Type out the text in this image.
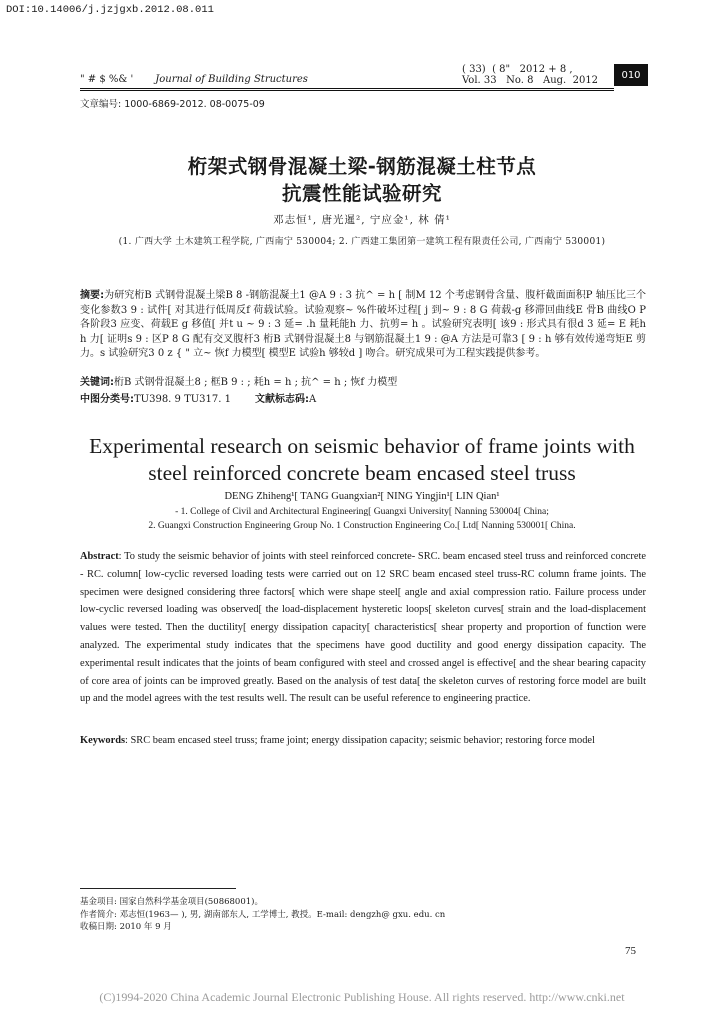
DOI:10.14006/j.jzjgxb.2012.08.011
" # $ %& ' Journal of Building Structures
( 33)  ( 8"   2012 + 8 ,
Vol. 33   No. 8   Aug.  2012	010
文章编号: 1000-6869-2012. 08-0075-09
桁架式钢骨混凝土梁-钢筋混凝土柱节点
抗震性能试验研究
邓志恒¹, 唐光暹², 宁应金¹, 林 倩¹
(1. 广西大学 土木建筑工程学院, 广西南宁 530004; 2. 广西建工集团第一建筑工程有限责任公司, 广西南宁 530001)
摘要:为研究桁B 式钢骨混凝土梁B 8 -钢筋混凝土1 @A 9 : 3 抗^ = h [ 制M 12 个考虑钢骨含量、腹杆截面面积P 轴压比三个变化参数3 9 : 试件[ 对其进行低周反f 荷载试验。试验观察~ %件破坏过程[ j 到~ 9 : 8 G 荷载-g 移滞回曲线E 骨B 曲线O P 各阶段3 应变、荷载E g 移值[ 并t u ~ 9 : 3 延= .h 量耗能h 力、抗剪= h 。试验研究表明[ 该9 : 形式具有很d 3 延= E 耗h h 力[ 证明s 9 : 区P 8 G 配有交叉腹杆3 桁B 式钢骨混凝土8 与钢筋混凝土1 9 : @A 方法是可靠3 [ 9 : h 够有效传递弯矩E 剪力。s 试验研究3 0 z { " 立~ 恢f 力模型[ 模型E 试验h 够较d ] 吻合。研究成果可为工程实践提供参考。
关键词:桁B 式钢骨混凝土8 ; 框B 9 : ; 耗h = h ; 抗^ = h ; 恢f 力模型
中图分类号:TU398. 9 TU317. 1 文献标志码:A
Experimental research on seismic behavior of frame joints with
steel reinforced concrete beam encased steel truss
DENG Zhiheng¹[ TANG Guangxian²[ NING Yingjin¹[ LIN Qian¹
- 1. College of Civil and Architectural Engineering[ Guangxi University[ Nanning 530004[ China;
2. Guangxi Construction Engineering Group No. 1 Construction Engineering Co.[ Ltd[ Nanning 530001[ China.
Abstract: To study the seismic behavior of joints with steel reinforced concrete- SRC. beam encased steel truss and reinforced concrete - RC. column[ low-cyclic reversed loading tests were carried out on 12 SRC beam encased steel truss-RC column frame joints. The specimen were designed considering three factors[ which were shape steel[ angle and axial compression ratio. Failure process under low-cyclic reversed loading was observed[ the load-displacement hysteretic loops[ skeleton curves[ strain and the load-displacement values were tested. Then the ductility[ energy dissipation capacity[ characteristics[ shear property and proportion of function were analyzed. The experimental study indicates that the specimens have good ductility and good energy dissipation capacity. The experimental result indicates that the joints of beam configured with steel and crossed angel is effective[ and the shear bearing capacity of core area of joints can be improved greatly. Based on the analysis of test data[ the skeleton curves of restoring force model are built up and the model agrees with the test results well. The result can be useful reference to engineering practice.
Keywords: SRC beam encased steel truss; frame joint; energy dissipation capacity; seismic behavior; restoring force model
基金项目: 国家自然科学基金项目(50868001)。
作者简介: 邓志恒(1963— ), 男, 湖南部东人, 工学博士, 教授。E-mail: dengzh@ gxu. edu. cn
收稿日期: 2010 年 9 月
75
(C)1994-2020 China Academic Journal Electronic Publishing House. All rights reserved. http://www.cnki.net
